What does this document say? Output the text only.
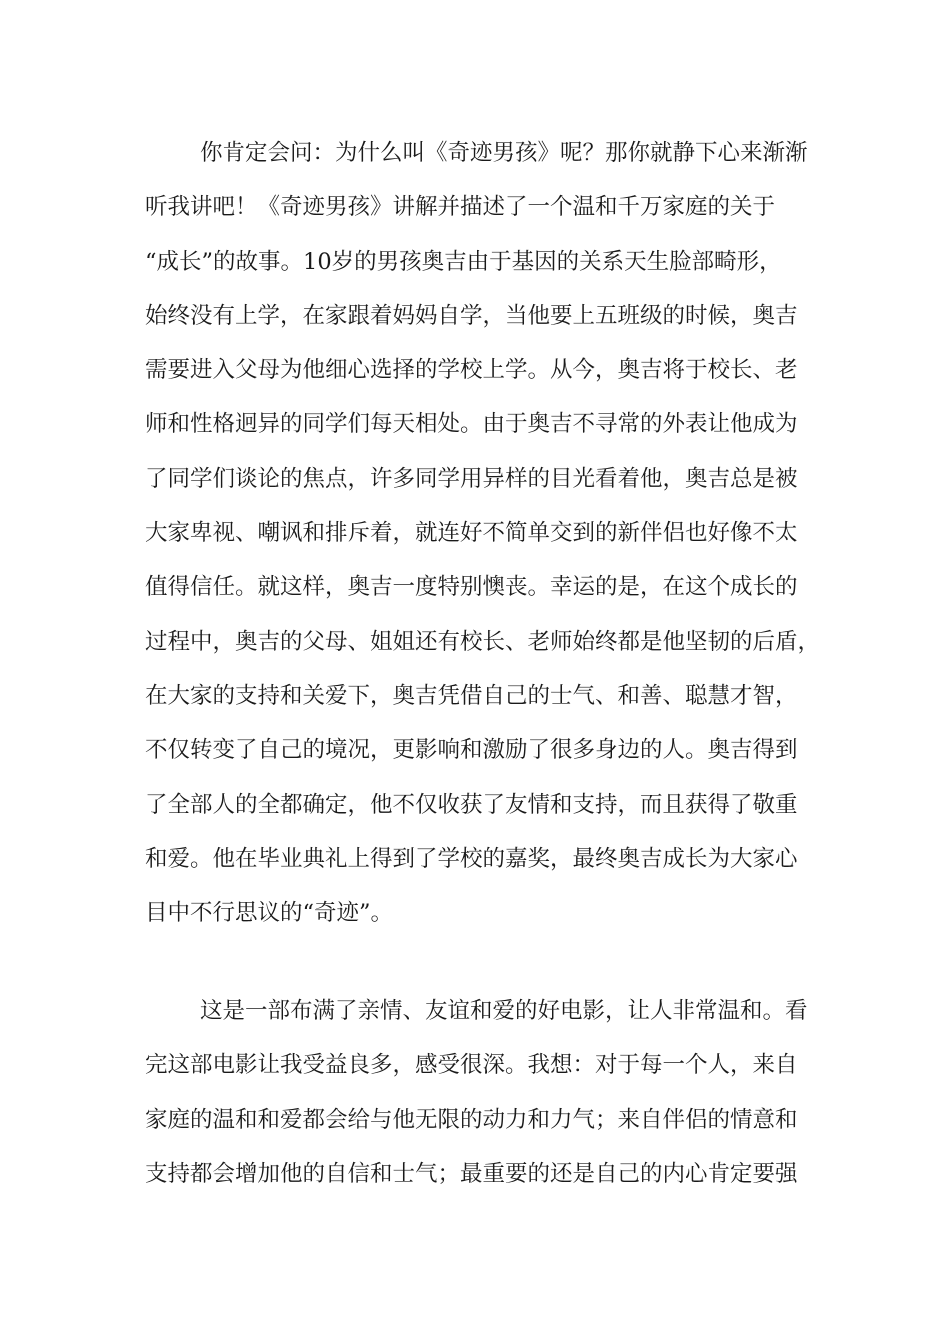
你肯定会问：为什么叫《奇迹男孩》呢？那你就静下心来渐渐
听我讲吧！《奇迹男孩》讲解并描述了一个温和千万家庭的关于
“成长”的故事。10岁的男孩奥吉由于基因的关系天生脸部畸形，
始终没有上学，在家跟着妈妈自学，当他要上五班级的时候，奥吉
需要进入父母为他细心选择的学校上学。从今，奥吉将于校长、老
师和性格迥异的同学们每天相处。由于奥吉不寻常的外表让他成为
了同学们谈论的焦点，许多同学用异样的目光看着他，奥吉总是被
大家卑视、嘲讽和排斥着，就连好不简单交到的新伴侣也好像不太
值得信任。就这样，奥吉一度特别懊丧。幸运的是，在这个成长的
过程中，奥吉的父母、姐姐还有校长、老师始终都是他坚韧的后盾，
在大家的支持和关爱下，奥吉凭借自己的士气、和善、聪慧才智，
不仅转变了自己的境况，更影响和激励了很多身边的人。奥吉得到
了全部人的全都确定，他不仅收获了友情和支持，而且获得了敬重
和爱。他在毕业典礼上得到了学校的嘉奖，最终奥吉成长为大家心
目中不行思议的“奇迹”。
这是一部布满了亲情、友谊和爱的好电影，让人非常温和。看
完这部电影让我受益良多，感受很深。我想：对于每一个人，来自
家庭的温和和爱都会给与他无限的动力和力气；来自伴侣的情意和
支持都会增加他的自信和士气；最重要的还是自己的内心肯定要强
